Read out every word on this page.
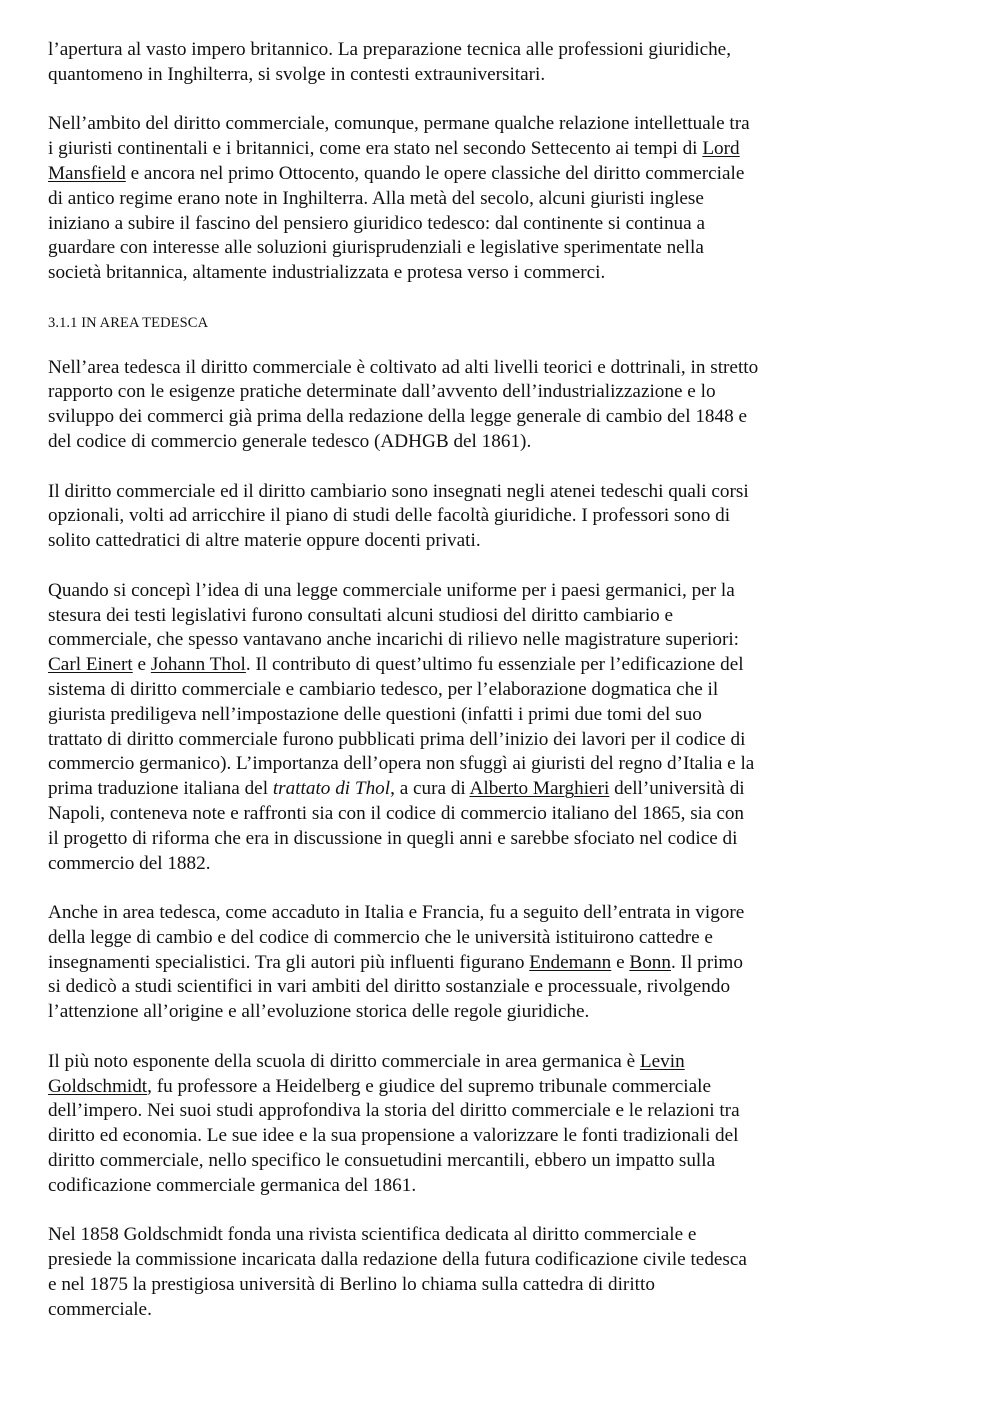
l’apertura al vasto impero britannico. La preparazione tecnica alle professioni giuridiche,
quantomeno in Inghilterra, si svolge in contesti extrauniversitari.
Nell’ambito del diritto commerciale, comunque, permane qualche relazione intellettuale tra
i giuristi continentali e i britannici, come era stato nel secondo Settecento ai tempi di Lord
Mansfield e ancora nel primo Ottocento, quando le opere classiche del diritto commerciale
di antico regime erano note in Inghilterra. Alla metà del secolo, alcuni giuristi inglese
iniziano a subire il fascino del pensiero giuridico tedesco: dal continente si continua a
guardare con interesse alle soluzioni giurisprudenziali e legislative sperimentate nella
società britannica, altamente industrializzata e protesa verso i commerci.
3.1.1 IN AREA TEDESCA
Nell’area tedesca il diritto commerciale è coltivato ad alti livelli teorici e dottrinali, in stretto
rapporto con le esigenze pratiche determinate dall’avvento dell’industrializzazione e lo
sviluppo dei commerci già prima della redazione della legge generale di cambio del 1848 e
del codice di commercio generale tedesco (ADHGB del 1861).
Il diritto commerciale ed il diritto cambiario sono insegnati negli atenei tedeschi quali corsi
opzionali, volti ad arricchire il piano di studi delle facoltà giuridiche. I professori sono di
solito cattedratici di altre materie oppure docenti privati.
Quando si concepì l’idea di una legge commerciale uniforme per i paesi germanici, per la
stesura dei testi legislativi furono consultati alcuni studiosi del diritto cambiario e
commerciale, che spesso vantavano anche incarichi di rilievo nelle magistrature superiori:
Carl Einert e Johann Thol. Il contributo di quest’ultimo fu essenziale per l’edificazione del
sistema di diritto commerciale e cambiario tedesco, per l’elaborazione dogmatica che il
giurista prediligeva nell’impostazione delle questioni (infatti i primi due tomi del suo
trattato di diritto commerciale furono pubblicati prima dell’inizio dei lavori per il codice di
commercio germanico). L’importanza dell’opera non sfuggì ai giuristi del regno d’Italia e la
prima traduzione italiana del trattato di Thol, a cura di Alberto Marghieri dell’università di
Napoli, conteneva note e raffronti sia con il codice di commercio italiano del 1865, sia con
il progetto di riforma che era in discussione in quegli anni e sarebbe sfociato nel codice di
commercio del 1882.
Anche in area tedesca, come accaduto in Italia e Francia, fu a seguito dell’entrata in vigore
della legge di cambio e del codice di commercio che le università istituirono cattedre e
insegnamenti specialistici. Tra gli autori più influenti figurano Endemann e Bonn. Il primo
si dedicò a studi scientifici in vari ambiti del diritto sostanziale e processuale, rivolgendo
l’attenzione all’origine e all’evoluzione storica delle regole giuridiche.
Il più noto esponente della scuola di diritto commerciale in area germanica è Levin
Goldschmidt, fu professore a Heidelberg e giudice del supremo tribunale commerciale
dell’impero. Nei suoi studi approfondiva la storia del diritto commerciale e le relazioni tra
diritto ed economia. Le sue idee e la sua propensione a valorizzare le fonti tradizionali del
diritto commerciale, nello specifico le consuetudini mercantili, ebbero un impatto sulla
codificazione commerciale germanica del 1861.
Nel 1858 Goldschmidt fonda una rivista scientifica dedicata al diritto commerciale e
presiede la commissione incaricata dalla redazione della futura codificazione civile tedesca
e nel 1875 la prestigiosa università di Berlino lo chiama sulla cattedra di diritto
commerciale.
